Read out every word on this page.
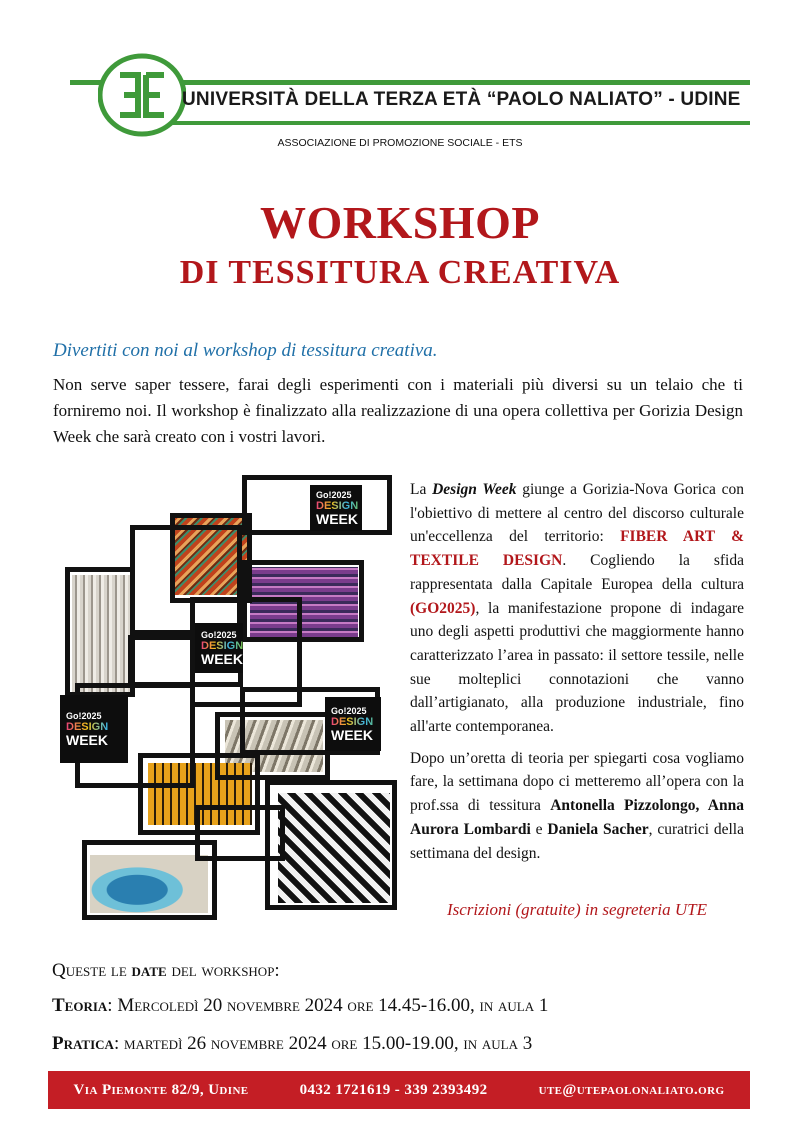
UNIVERSITÀ DELLA TERZA ETÀ “PAOLO NALIATO” - UDINE
ASSOCIAZIONE DI PROMOZIONE SOCIALE - ETS
WORKSHOP
DI TESSITURA CREATIVA
Divertiti con noi al workshop di tessitura creativa.
Non serve saper tessere, farai degli esperimenti con i materiali più diversi su un telaio che ti forniremo noi. Il workshop è finalizzato alla realizzazione di una opera collettiva per Gorizia Design Week che sarà creato con i vostri lavori.
Go!2025
DESIGN
WEEK
Go!2025
DESIGN
WEEK
Go!2025
DESIGN
WEEK
Go!2025
DESIGN
WEEK

La Design Week giunge a Gorizia-Nova Gorica con l'obiettivo di mettere al centro del discorso culturale un'eccellenza del territorio: FIBER ART & TEXTILE DESIGN. Cogliendo la sfida rappresentata dalla Capitale Europea della cultura (GO2025), la manifestazione propone di indagare uno degli aspetti produttivi che maggiormente hanno caratterizzato l’area in passato: il settore tessile, nelle sue molteplici connotazioni che vanno dall’artigianato, alla produzione industriale, fino all'arte contemporanea.

Dopo un’oretta di teoria per spiegarti cosa vogliamo fare, la settimana dopo ci metteremo all’opera con la prof.ssa di tessitura Antonella Pizzolongo, Anna Aurora Lombardi e Daniela Sacher, curatrici della settimana del design.

Iscrizioni (gratuite) in segreteria UTE
Queste le date del workshop:
Teoria: Mercoledì 20 novembre 2024 ore 14.45-16.00, in aula 1
Pratica: martedì 26 novembre 2024 ore 15.00-19.00, in aula 3
Via Piemonte 82/9, Udine	0432 1721619 - 339 2393492	ute@utepaolonaliato.org
